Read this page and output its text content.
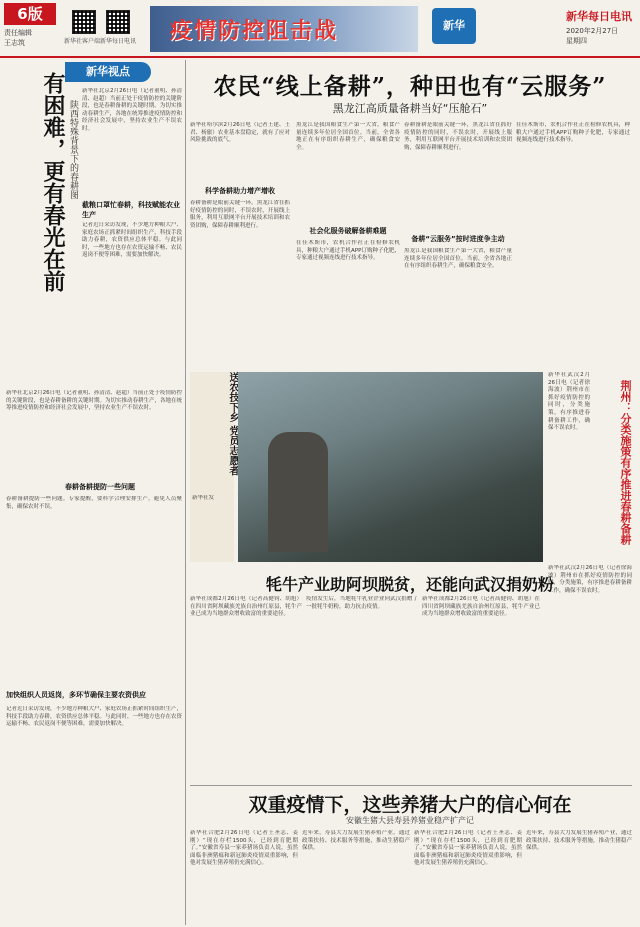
6版
责任编辑
王志筑	新华社客户端 新华每日电讯 疫情防控阻击战	新华
新华每日电讯
2020年2月27日
星期四
新华视点
有困难，更有春光在前 陕西特殊背景下的春耕图
新华社北京2月26日电（记者董明、孙清清、赵超）当前正处于疫情防控的关键阶段，也是春耕备耕的关键时期。为切实推动春耕生产，各地在统筹推进疫情防控和经济社会发展中，坚持农业生产不误农时。
截粮口罩忙春耕，科技赋能农业生产
记者近日采访发现，不少地方种粮大户、家庭农场正抓紧时间组织生产，科技手段助力春耕，农资供应总体平稳。与此同时，一些地方也存在农资运输不畅、农民返岗不便等困难，需要加快解决。
新华社北京2月26日电（记者董明、孙清清、赵超）当前正处于疫情防控的关键阶段，也是春耕备耕的关键时期。为切实推动春耕生产，各地在统筹推进疫情防控和经济社会发展中，坚持农业生产不误农时。
春耕备耕提防一些问题
春耕备耕提防一些问题。专家提醒，要科学合理安排生产，避免人员聚集，确保农时不误。
加快组织人员返岗，多环节确保主要农资供应
记者近日采访发现，不少地方种粮大户、家庭农场正抓紧时间组织生产，科技手段助力春耕，农资供应总体平稳。与此同时，一些地方也存在农资运输不畅、农民返岗不便等困难，需要加快解决。
农民“线上备耕”，种田也有“云服务”
黑龙江高质量备耕当好“压舱石”
新华社哈尔滨2月26日电（记者王建、王君、杨旅）农业基本盘稳定，就有了应对风险挑战的底气。
科学备耕助力增产增收
春耕备耕是眼前关键一环，黑龙江省在抓好疫情防控的同时，不误农时，开展线上服务，利用互联网平台开展技术培训和农资团购，保障春耕顺利进行。
黑龙江是我国粮食生产第一大省，粮食产量连续多年位居全国首位。当前，全省各地正在有序组织春耕生产，确保粮食安全。
社会化服务破解备耕难题
在佳木斯市，农机合作社正在检修农机具，种粮大户通过手机APP订购种子化肥，专家通过视频连线进行技术指导。
春耕备耕是眼前关键一环，黑龙江省在抓好疫情防控的同时，不误农时，开展线上服务，利用互联网平台开展技术培训和农资团购，保障春耕顺利进行。
备耕“云服务”按时进度争主动
黑龙江是我国粮食生产第一大省，粮食产量连续多年位居全国首位。当前，全省各地正在有序组织春耕生产，确保粮食安全。
在佳木斯市，农机合作社正在检修农机具，种粮大户通过手机APP订购种子化肥，专家通过视频连线进行技术指导。
送农技下乡 党员志愿者
新华社发
新华社武汉2月26日电（记者徐海波）荆州市在抓好疫情防控的同时，分类施策，有序推进春耕备耕工作，确保不误农时。	荆州：分类施策有序推进春耕备耕
新华社武汉2月26日电（记者徐海波）荆州市在抓好疫情防控的同时，分类施策，有序推进春耕备耕工作，确保不误农时。
牦牛产业助阿坝脱贫，还能向武汉捐奶粉
新华社成都2月26日电（记者高健钧、胡旭）在四川省阿坝藏族羌族自治州红原县，牦牛产业已成为当地群众增收致富的重要途径。
疫情发生后，当地牦牛乳业企业向武汉捐赠了一批牦牛奶粉，助力抗击疫情。
新华社成都2月26日电（记者高健钧、胡旭）在四川省阿坝藏族羌族自治州红原县，牦牛产业已成为当地群众增收致富的重要途径。
双重疫情下，这些养猪大户的信心何在
安徽生猪大县寿县养猪业稳产扩产记
新华社合肥2月26日电（记者王圣志、姜刚）“现在存栏1500头，已经到育肥期了。”安徽省寿县一家养猪场负责人说，虽然面临非洲猪瘟和新冠肺炎疫情双重影响，但他对发展生猪养殖仍充满信心。
近年来，寿县大力发展生猪养殖产业，通过政策扶持、技术服务等措施，推动生猪稳产保供。
新华社合肥2月26日电（记者王圣志、姜刚）“现在存栏1500头，已经到育肥期了。”安徽省寿县一家养猪场负责人说，虽然面临非洲猪瘟和新冠肺炎疫情双重影响，但他对发展生猪养殖仍充满信心。
近年来，寿县大力发展生猪养殖产业，通过政策扶持、技术服务等措施，推动生猪稳产保供。
